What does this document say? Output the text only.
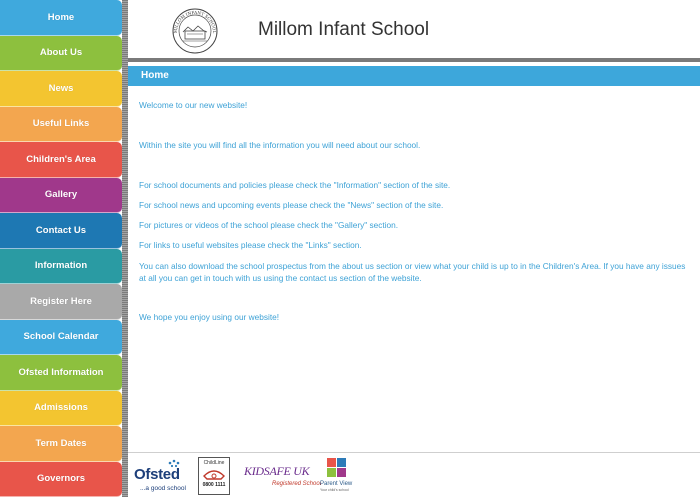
Home
About Us
News
Useful Links
Children's Area
Gallery
Contact Us
Information
Register Here
School Calendar
Ofsted Information
Admissions
Term Dates
Governors
MILLOM INFANT SCHOOL Millom Infant School
Home

Welcome to our new website!

Within the site you will find all the information you will need about our school.

For school documents and policies please check the "Information" section of the site.

For school news and upcoming events please check the "News" section of the site.

For pictures or videos of the school please check the "Gallery" section.

For links to useful websites please check the "Links" section.

You can also download the school prospectus from the about us section or view what your child is up to in the Children's Area. If you have any issues at all you can get in touch with us using the contact us section of the website.

We hope you enjoy using our website!

Ofsted
...a good school
ChildLine
0800 1111
KIDSAFE UK
Registered School
Parent View
Your child's school
